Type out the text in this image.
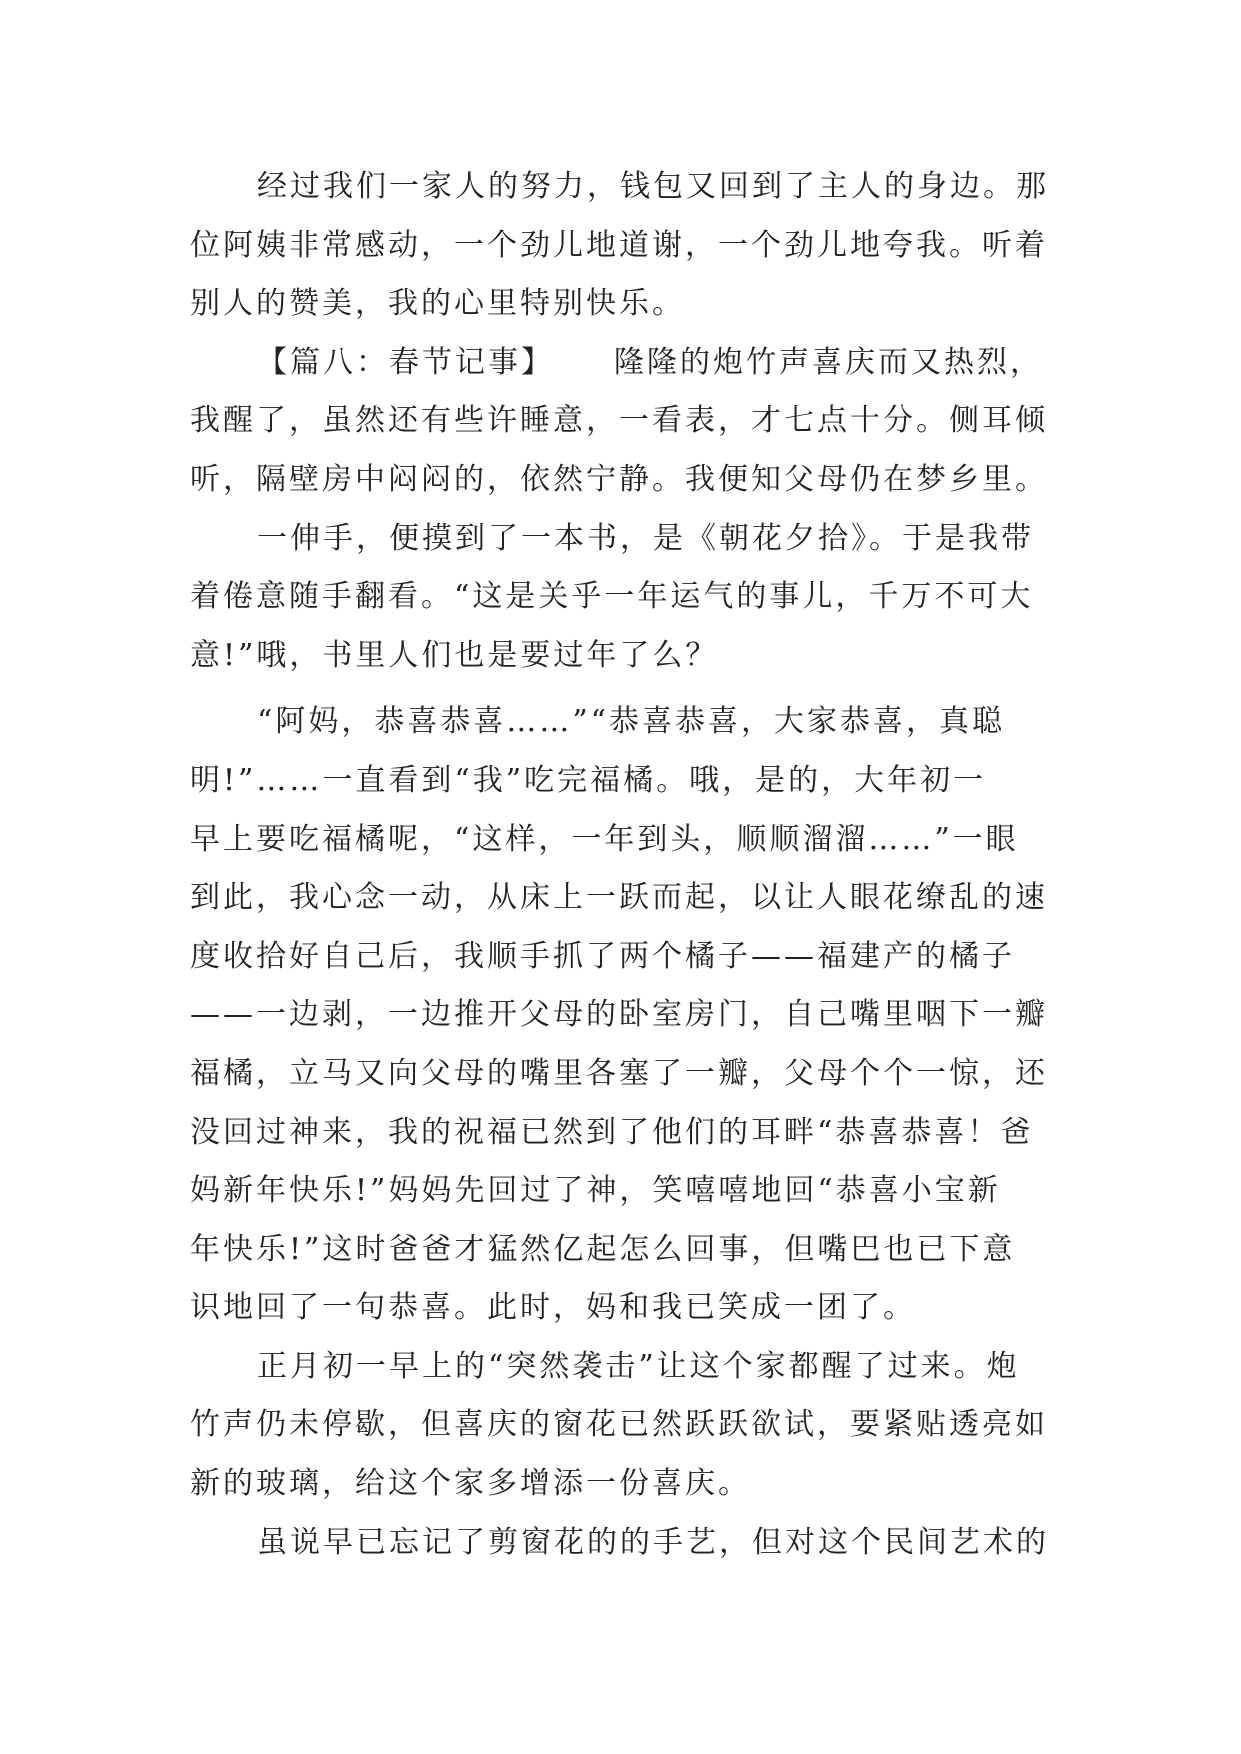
经过我们一家人的努力，钱包又回到了主人的身边。那
位阿姨非常感动，一个劲儿地道谢，一个劲儿地夸我。听着
别人的赞美，我的心里特别快乐。
【篇八：春节记事】 隆隆的炮竹声喜庆而又热烈，
我醒了，虽然还有些许睡意，一看表，才七点十分。侧耳倾
听，隔壁房中闷闷的，依然宁静。我便知父母仍在梦乡里。
一伸手，便摸到了一本书，是《朝花夕拾》。于是我带
着倦意随手翻看。“这是关乎一年运气的事儿，千万不可大
意!”哦，书里人们也是要过年了么？
“阿妈，恭喜恭喜……”“恭喜恭喜，大家恭喜，真聪
明!”……一直看到“我”吃完福橘。哦，是的，大年初一
早上要吃福橘呢，“这样，一年到头，顺顺溜溜……”一眼
到此，我心念一动，从床上一跃而起，以让人眼花缭乱的速
度收拾好自己后，我顺手抓了两个橘子——福建产的橘子
——一边剥，一边推开父母的卧室房门，自己嘴里咽下一瓣
福橘，立马又向父母的嘴里各塞了一瓣，父母个个一惊，还
没回过神来，我的祝福已然到了他们的耳畔“恭喜恭喜！爸
妈新年快乐!”妈妈先回过了神，笑嘻嘻地回“恭喜小宝新
年快乐!”这时爸爸才猛然亿起怎么回事，但嘴巴也已下意
识地回了一句恭喜。此时，妈和我已笑成一团了。
正月初一早上的“突然袭击”让这个家都醒了过来。炮
竹声仍未停歇，但喜庆的窗花已然跃跃欲试，要紧贴透亮如
新的玻璃，给这个家多增添一份喜庆。
虽说早已忘记了剪窗花的的手艺，但对这个民间艺术的
